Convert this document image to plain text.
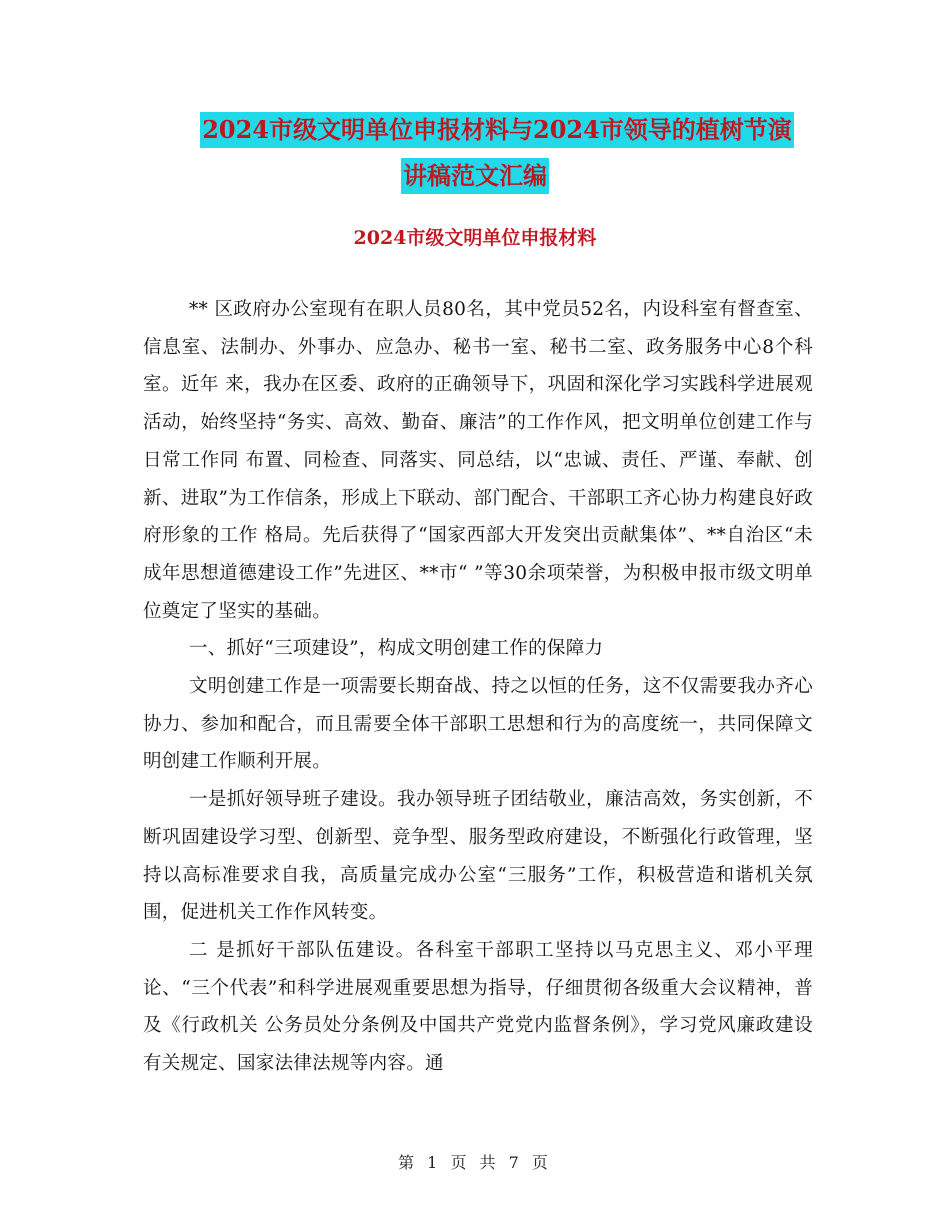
2024市级文明单位申报材料与2024市领导的植树节演
讲稿范文汇编
2024市级文明单位申报材料

** 区政府办公室现有在职人员80名，其中党员52名，内设科室有督查室、信息室、法制办、外事办、应急办、秘书一室、秘书二室、政务服务中心8个科室。近年 来，我办在区委、政府的正确领导下，巩固和深化学习实践科学进展观活动，始终坚持“务实、高效、勤奋、廉洁”的工作作风，把文明单位创建工作与日常工作同 布置、同检查、同落实、同总结，以“忠诚、责任、严谨、奉献、创新、进取”为工作信条，形成上下联动、部门配合、干部职工齐心协力构建良好政府形象的工作 格局。先后获得了“国家西部大开发突出贡献集体”、**自治区“未成年思想道德建设工作”先进区、**市“ ”等30余项荣誉，为积极申报市级文明单位奠定了坚实的基础。

一、抓好“三项建设”，构成文明创建工作的保障力

文明创建工作是一项需要长期奋战、持之以恒的任务，这不仅需要我办齐心协力、参加和配合，而且需要全体干部职工思想和行为的高度统一，共同保障文明创建工作顺利开展。

一是抓好领导班子建设。我办领导班子团结敬业，廉洁高效，务实创新，不断巩固建设学习型、创新型、竞争型、服务型政府建设，不断强化行政管理，坚持以高标准要求自我，高质量完成办公室“三服务”工作，积极营造和谐机关氛围，促进机关工作作风转变。

二 是抓好干部队伍建设。各科室干部职工坚持以马克思主义、邓小平理论、“三个代表”和科学进展观重要思想为指导，仔细贯彻各级重大会议精神，普及《行政机关 公务员处分条例及中国共产党党内监督条例》，学习党风廉政建设有关规定、国家法律法规等内容。通

第 1 页 共 7 页
